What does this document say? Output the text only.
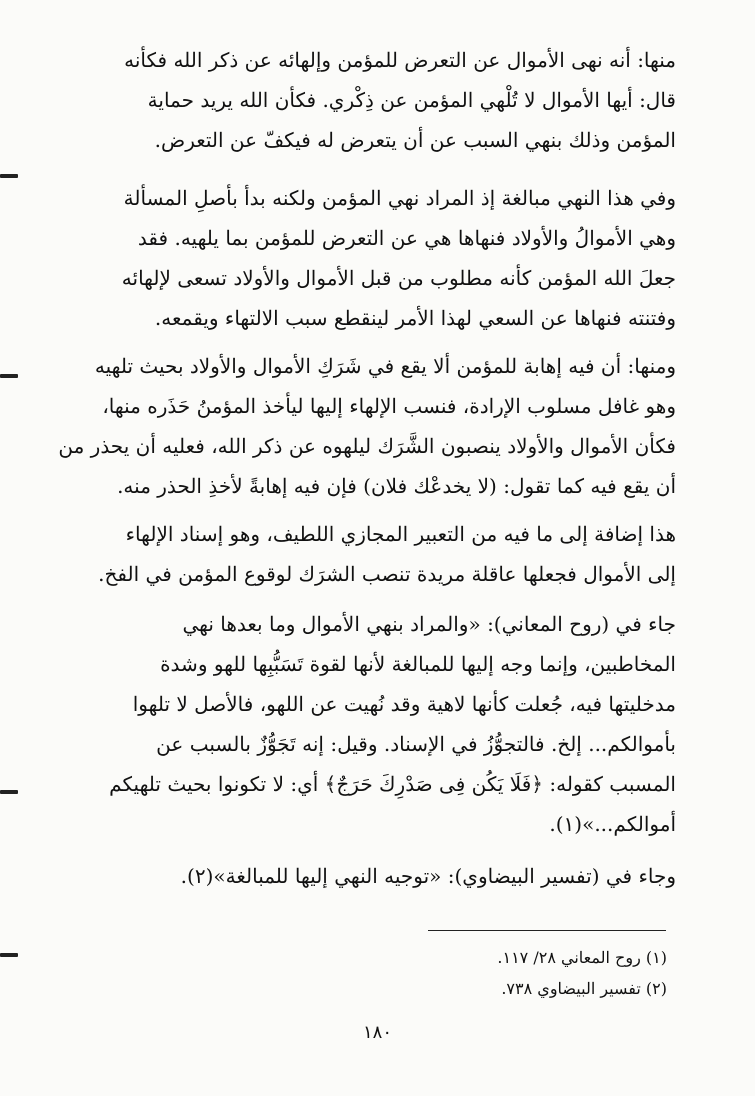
منها: أنه نهى الأموال عن التعرض للمؤمن وإلهائه عن ذكر الله فكأنه
قال: أيها الأموال لا تُلْهي المؤمن عن ذِكْري. فكأن الله يريد حماية
المؤمن وذلك بنهي السبب عن أن يتعرض له فيكفّ عن التعرض.

وفي هذا النهي مبالغة إذ المراد نهي المؤمن ولكنه بدأ بأصلِ المسألة
وهي الأموالُ والأولاد فنهاها هي عن التعرض للمؤمن بما يلهيه. فقد
جعلَ الله المؤمن كأنه مطلوب من قبل الأموال والأولاد تسعى لإلهائه
وفتنته فنهاها عن السعي لهذا الأمر لينقطع سبب الالتهاء ويقمعه.

ومنها: أن فيه إهابة للمؤمن ألا يقع في شَرَكِ الأموال والأولاد بحيث تلهيه
وهو غافل مسلوب الإرادة، فنسب الإلهاء إليها ليأخذ المؤمنُ حَذَره منها،
فكأن الأموال والأولاد ينصبون الشَّرَك ليلهوه عن ذكر الله، فعليه أن يحذر من
أن يقع فيه كما تقول: (لا يخدعْك فلان) فإن فيه إهابةً لأخذِ الحذر منه.

هذا إضافة إلى ما فيه من التعبير المجازي اللطيف، وهو إسناد الإلهاء
إلى الأموال فجعلها عاقلة مريدة تنصب الشرَك لوقوع المؤمن في الفخ.

جاء في (روح المعاني): «والمراد بنهي الأموال وما بعدها نهي
المخاطبين، وإنما وجه إليها للمبالغة لأنها لقوة تَسَبُّبِها للهو وشدة
مدخليتها فيه، جُعلت كأنها لاهية وقد نُهيت عن اللهو، فالأصل لا تلهوا
بأموالكم... إلخ. فالتجوُّزُ في الإسناد. وقيل: إنه تَجَوُّزٌ بالسبب عن
المسبب كقوله: ﴿فَلَا يَكُن فِى صَدْرِكَ حَرَجٌ﴾ أي: لا تكونوا بحيث تلهيكم
أموالكم...»(١).

وجاء في (تفسير البيضاوي): «توجيه النهي إليها للمبالغة»(٢).

(١) روح المعاني ٢٨/ ١١٧.
(٢) تفسير البيضاوي ٧٣٨.
١٨٠
